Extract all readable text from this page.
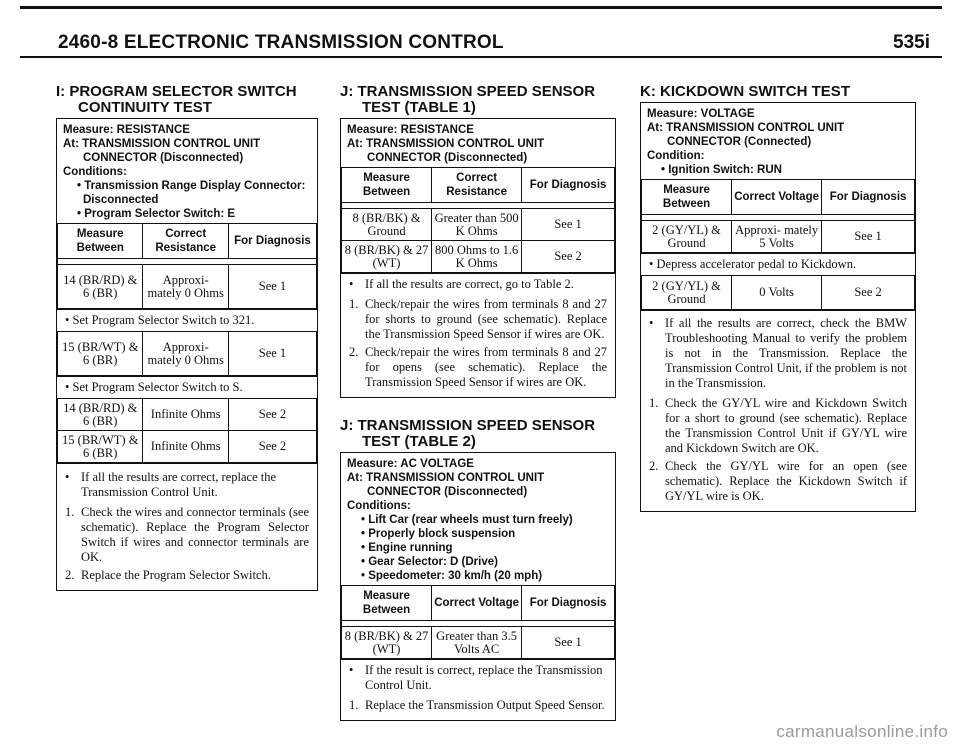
2460-8 ELECTRONIC TRANSMISSION CONTROL	535i
I: PROGRAM SELECTOR SWITCH
CONTINUITY TEST
Measure: RESISTANCE
At: TRANSMISSION CONTROL UNIT
CONNECTOR (Disconnected)
Conditions:
• Transmission Range Display Connector:
Disconnected
• Program Selector Switch: E
Measure Between	Correct Resistance	For Diagnosis

14 (BR/RD) & 6 (BR)	Approxi- mately 0 Ohms	See 1
• Set Program Selector Switch to 321.
15 (BR/WT) & 6 (BR)	Approxi- mately 0 Ohms	See 1
• Set Program Selector Switch to S.
14 (BR/RD) & 6 (BR)	Infinite Ohms	See 2
15 (BR/WT) & 6 (BR)	Infinite Ohms	See 2
• If all the results are correct, replace the Transmission Control Unit.
1. Check the wires and connector terminals (see schematic). Replace the Program Selector Switch if wires and connector terminals are OK.
2. Replace the Program Selector Switch.
J: TRANSMISSION SPEED SENSOR
TEST (TABLE 1)
Measure: RESISTANCE
At: TRANSMISSION CONTROL UNIT
CONNECTOR (Disconnected)
Measure Between	Correct Resistance	For Diagnosis

8 (BR/BK) & Ground	Greater than 500 K Ohms	See 1
8 (BR/BK) & 27 (WT)	800 Ohms to 1.6 K Ohms	See 2
• If all the results are correct, go to Table 2.
1. Check/repair the wires from terminals 8 and 27 for shorts to ground (see schematic). Replace the Transmission Speed Sensor if wires are OK.
2. Check/repair the wires from terminals 8 and 27 for opens (see schematic). Replace the Transmission Speed Sensor if wires are OK.
J: TRANSMISSION SPEED SENSOR
TEST (TABLE 2)
Measure: AC VOLTAGE
At: TRANSMISSION CONTROL UNIT
CONNECTOR (Disconnected)
Conditions:
• Lift Car (rear wheels must turn freely)
• Properly block suspension
• Engine running
• Gear Selector: D (Drive)
• Speedometer: 30 km/h (20 mph)
Measure Between	Correct Voltage	For Diagnosis

8 (BR/BK) & 27 (WT)	Greater than 3.5 Volts AC	See 1
• If the result is correct, replace the Transmission Control Unit.
1. Replace the Transmission Output Speed Sensor.
K: KICKDOWN SWITCH TEST
Measure: VOLTAGE
At: TRANSMISSION CONTROL UNIT
CONNECTOR (Connected)
Condition:
• Ignition Switch: RUN
Measure Between	Correct Voltage	For Diagnosis

2 (GY/YL) & Ground	Approxi- mately 5 Volts	See 1
• Depress accelerator pedal to Kickdown.
2 (GY/YL) & Ground	0 Volts	See 2
• If all the results are correct, check the BMW Troubleshooting Manual to verify the problem is not in the Transmission. Replace the Transmission Control Unit, if the problem is not in the Transmission.
1. Check the GY/YL wire and Kickdown Switch for a short to ground (see schematic). Replace the Transmission Control Unit if GY/YL wire and Kickdown Switch are OK.
2. Check the GY/YL wire for an open (see schematic). Replace the Kickdown Switch if GY/YL wire is OK.
carmanualsonline.info
